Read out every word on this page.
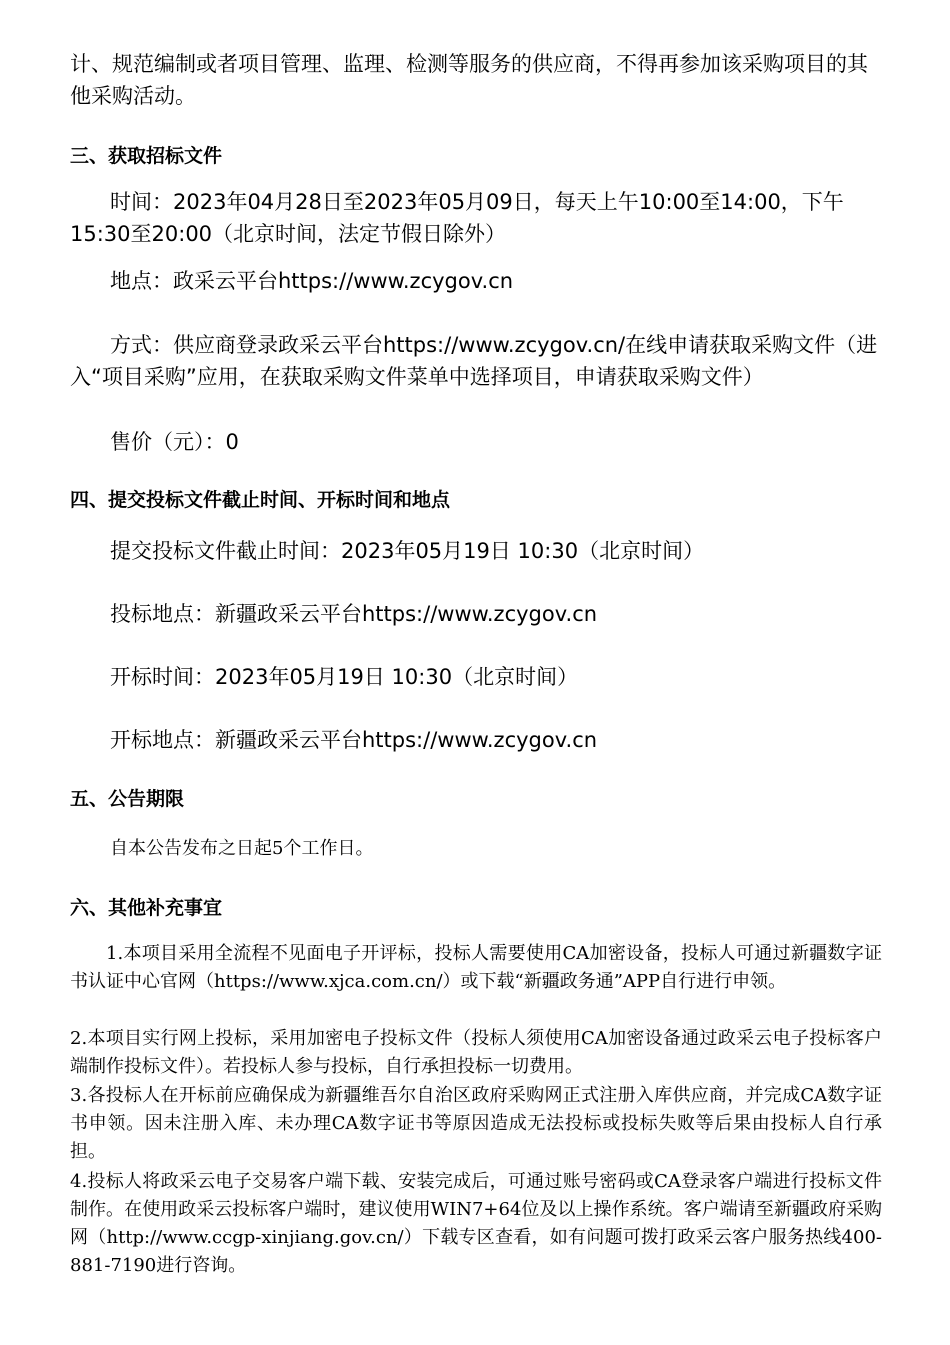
计、规范编制或者项目管理、监理、检测等服务的供应商，不得再参加该采购项目的其他采购活动。

三、获取招标文件

时间：2023年04月28日至2023年05月09日，每天上午10:00至14:00，下午15:30至20:00（北京时间，法定节假日除外）

地点：政采云平台https://www.zcygov.cn

方式：供应商登录政采云平台https://www.zcygov.cn/在线申请获取采购文件（进入“项目采购”应用，在获取采购文件菜单中选择项目，申请获取采购文件）

售价（元）：0

四、提交投标文件截止时间、开标时间和地点

提交投标文件截止时间：2023年05月19日 10:30（北京时间）

投标地点：新疆政采云平台https://www.zcygov.cn

开标时间：2023年05月19日 10:30（北京时间）

开标地点：新疆政采云平台https://www.zcygov.cn

五、公告期限

自本公告发布之日起5个工作日。

六、其他补充事宜

1.本项目采用全流程不见面电子开评标，投标人需要使用CA加密设备，投标人可通过新疆数字证书认证中心官网（https://www.xjca.com.cn/）或下载“新疆政务通”APP自行进行申领。

2.本项目实行网上投标，采用加密电子投标文件（投标人须使用CA加密设备通过政采云电子投标客户端制作投标文件）。若投标人参与投标，自行承担投标一切费用。

3.各投标人在开标前应确保成为新疆维吾尔自治区政府采购网正式注册入库供应商，并完成CA数字证书申领。因未注册入库、未办理CA数字证书等原因造成无法投标或投标失败等后果由投标人自行承担。

4.投标人将政采云电子交易客户端下载、安装完成后，可通过账号密码或CA登录客户端进行投标文件制作。在使用政采云投标客户端时，建议使用WIN7+64位及以上操作系统。客户端请至新疆政府采购网（http://www.ccgp-xinjiang.gov.cn/）下载专区查看，如有问题可拨打政采云客户服务热线400-881-7190进行咨询。
